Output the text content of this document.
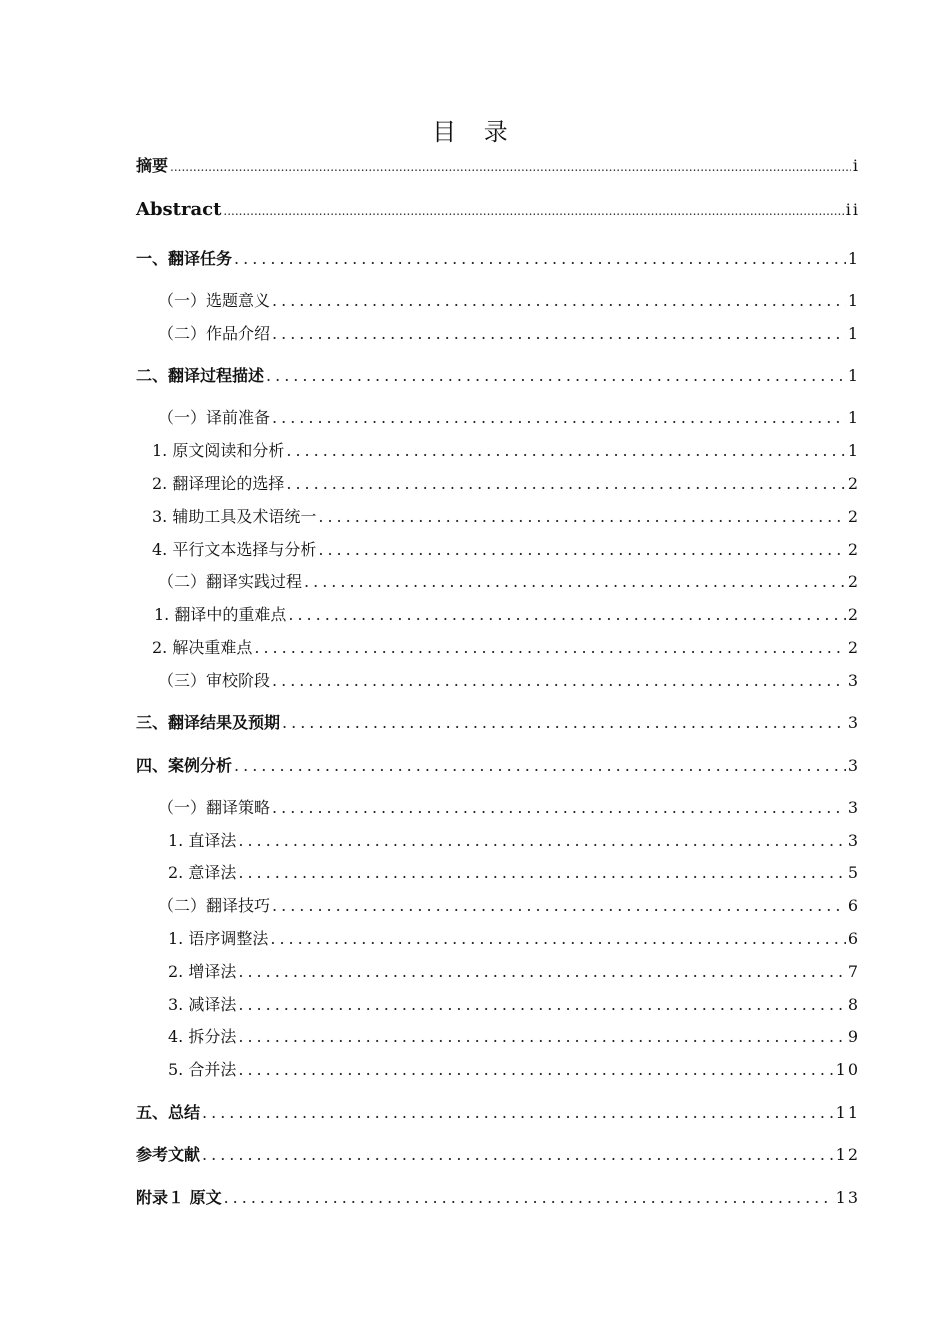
目 录
摘要 .....	i
Abstract .....	ii
一、翻译任务 .....	1
（一）选题意义 .....	1
（二）作品介绍 .....	1
二、翻译过程描述 .....	1
（一）译前准备 .....	1
1. 原文阅读和分析 .....	1
2. 翻译理论的选择 .....	2
3. 辅助工具及术语统一 .....	2
4. 平行文本选择与分析 .....	2
（二）翻译实践过程 .....	2
1. 翻译中的重难点 .....	2
2. 解决重难点 .....	2
（三）审校阶段 .....	3
三、翻译结果及预期 .....	3
四、案例分析 .....	3
（一）翻译策略 .....	3
1. 直译法 .....	3
2. 意译法 .....	5
（二）翻译技巧 .....	6
1. 语序调整法 .....	6
2. 增译法 .....	7
3. 减译法 .....	8
4. 拆分法 .....	9
5. 合并法 .....	10
五、总结 .....	11
参考文献 .....	12
附录１ 原文 .....	13
